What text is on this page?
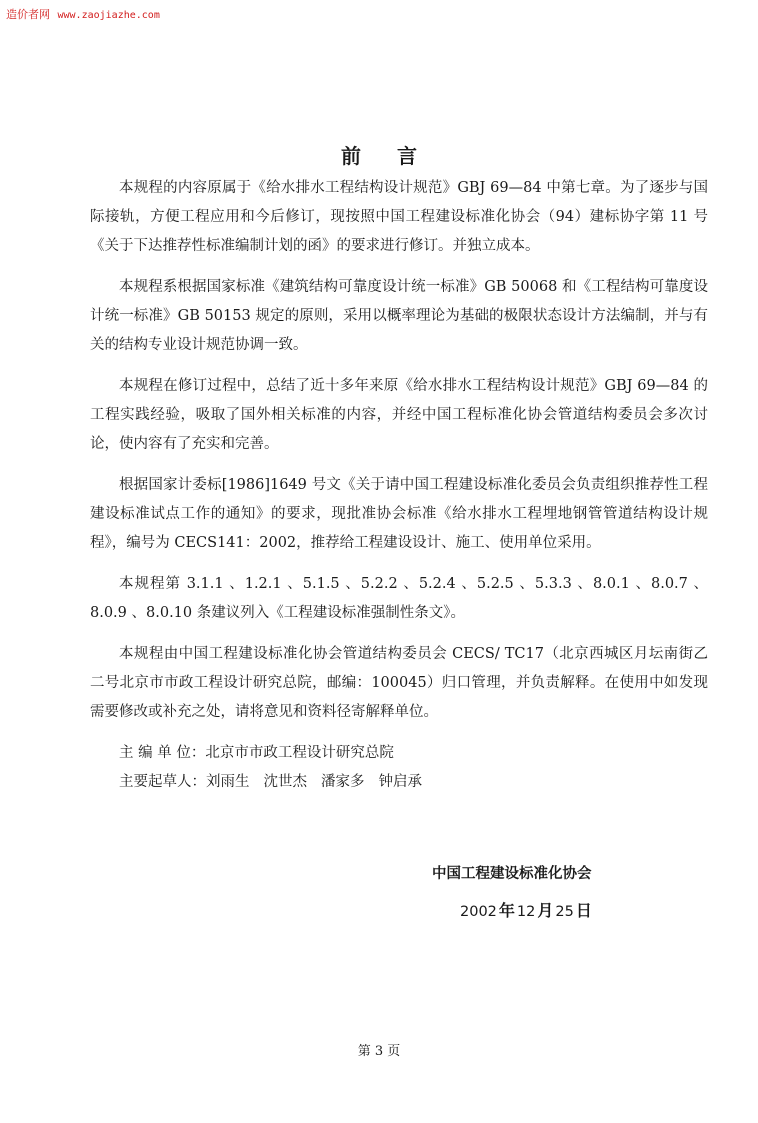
造价者网 www.zaojiazhe.com
前言

本规程的内容原属于《给水排水工程结构设计规范》GBJ 69—84 中第七章。为了逐步与国际接轨，方便工程应用和今后修订，现按照中国工程建设标准化协会（94）建标协字第 11 号《关于下达推荐性标准编制计划的函》的要求进行修订。并独立成本。

本规程系根据国家标准《建筑结构可靠度设计统一标准》GB 50068 和《工程结构可靠度设计统一标准》GB 50153 规定的原则，采用以概率理论为基础的极限状态设计方法编制，并与有关的结构专业设计规范协调一致。

本规程在修订过程中，总结了近十多年来原《给水排水工程结构设计规范》GBJ 69—84 的工程实践经验，吸取了国外相关标准的内容，并经中国工程标准化协会管道结构委员会多次讨论，使内容有了充实和完善。

根据国家计委标[1986]1649 号文《关于请中国工程建设标准化委员会负责组织推荐性工程建设标准试点工作的通知》的要求，现批准协会标准《给水排水工程埋地钢管管道结构设计规程》，编号为 CECS141：2002，推荐给工程建设设计、施工、使用单位采用。

本规程第 3.1.1 、1.2.1 、5.1.5 、5.2.2 、5.2.4 、5.2.5 、5.3.3 、8.0.1 、8.0.7 、8.0.9 、8.0.10 条建议列入《工程建设标准强制性条文》。

本规程由中国工程建设标准化协会管道结构委员会 CECS/ TC17（北京西城区月坛南街乙二号北京市市政工程设计研究总院，邮编：100045）归口管理，并负责解释。在使用中如发现需要修改或补充之处，请将意见和资料径寄解释单位。

主 编 单 位：北京市市政工程设计研究总院

主要起草人：刘雨生 沈世杰 潘家多 钟启承

中国工程建设标准化协会
2002 年 12 月 25 日
第 3 页
